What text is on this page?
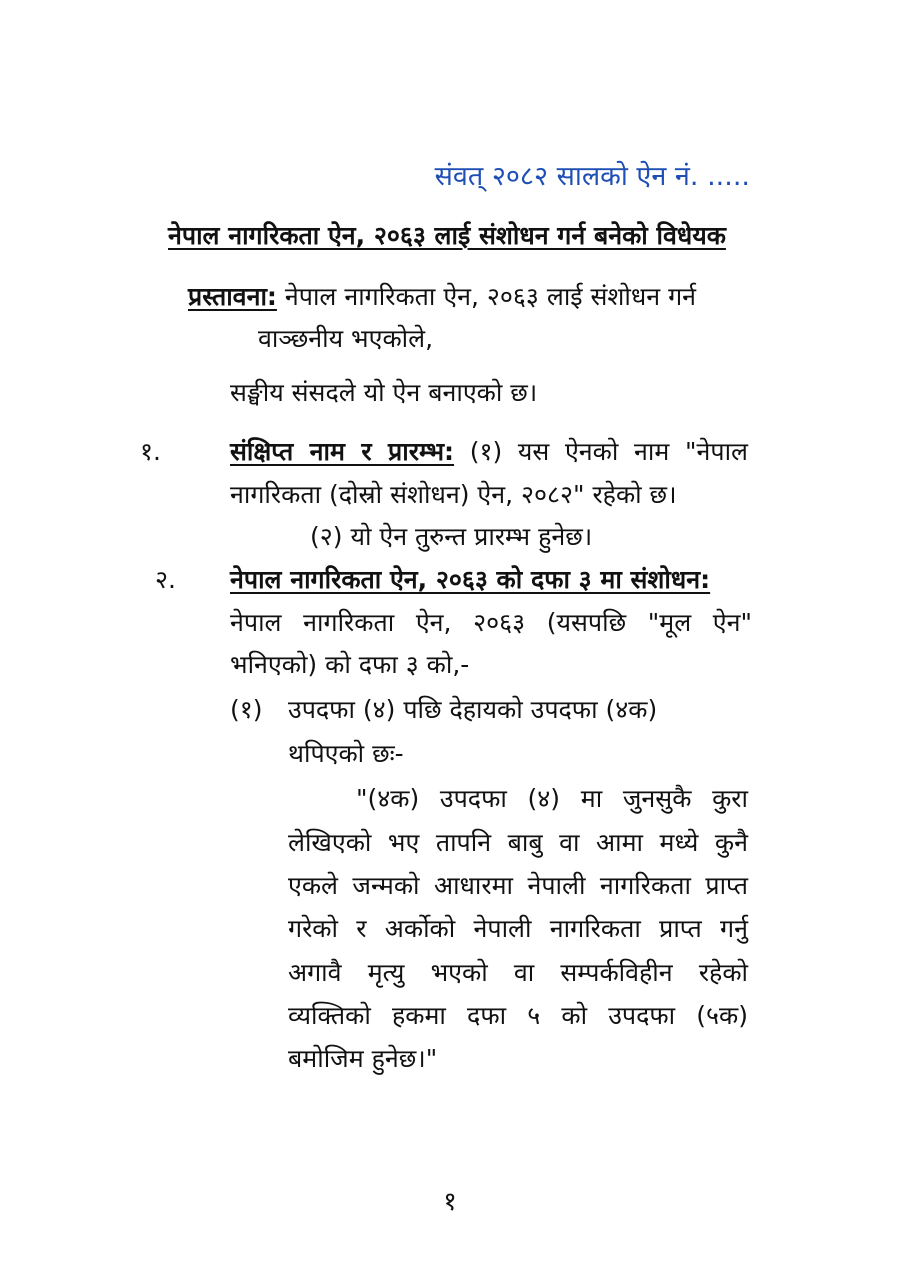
संवत् २०८२ सालको ऐन नं. .....
नेपाल नागरिकता ऐन, २०६३ लाई संशोधन गर्न बनेको विधेयक
प्रस्तावना: नेपाल नागरिकता ऐन, २०६३ लाई संशोधन गर्न
वाञ्छनीय भएकोले,
सङ्घीय संसदले यो ऐन बनाएको छ।
१.	संक्षिप्त नाम र प्रारम्भ: (१) यस ऐनको नाम "नेपाल
नागरिकता (दोस्रो संशोधन) ऐन, २०८२" रहेको छ।
(२) यो ऐन तुरुन्त प्रारम्भ हुनेछ।
२. नेपाल नागरिकता ऐन, २०६३ को दफा ३ मा संशोधन:
नेपाल नागरिकता ऐन, २०६३ (यसपछि "मूल ऐन"
भनिएको) को दफा ३ को,-
(१) उपदफा (४) पछि देहायको उपदफा (४क)
थपिएको छः-
"(४क) उपदफा (४) मा जुनसुकै कुरा
लेखिएको भए तापनि बाबु वा आमा मध्ये कुनै
एकले जन्मको आधारमा नेपाली नागरिकता प्राप्त
गरेको र अर्कोको नेपाली नागरिकता प्राप्त गर्नु
अगावै मृत्यु भएको वा सम्पर्कविहीन रहेको
व्यक्तिको हकमा दफा ५ को उपदफा (५क)
बमोजिम हुनेछ।"
१
